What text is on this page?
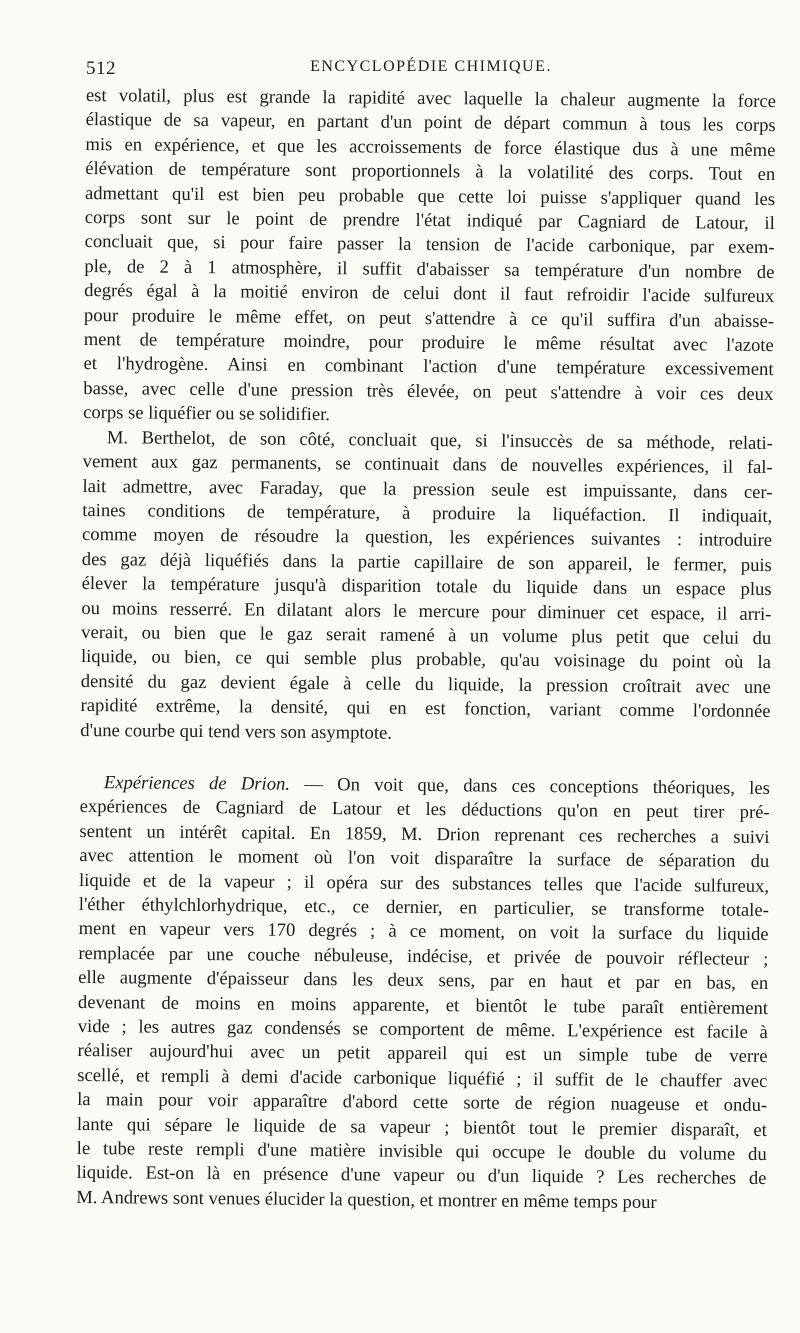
512	ENCYCLOPÉDIE CHIMIQUE.
est volatil, plus est grande la rapidité avec laquelle la chaleur augmente la force
élastique de sa vapeur, en partant d'un point de départ commun à tous les corps
mis en expérience, et que les accroissements de force élastique dus à une même
élévation de température sont proportionnels à la volatilité des corps. Tout en
admettant qu'il est bien peu probable que cette loi puisse s'appliquer quand les
corps sont sur le point de prendre l'état indiqué par Cagniard de Latour, il
concluait que, si pour faire passer la tension de l'acide carbonique, par exem-
ple, de 2 à 1 atmosphère, il suffit d'abaisser sa température d'un nombre de
degrés égal à la moitié environ de celui dont il faut refroidir l'acide sulfureux
pour produire le même effet, on peut s'attendre à ce qu'il suffira d'un abaisse-
ment de température moindre, pour produire le même résultat avec l'azote
et l'hydrogène. Ainsi en combinant l'action d'une température excessivement
basse, avec celle d'une pression très élevée, on peut s'attendre à voir ces deux
corps se liquéfier ou se solidifier.
M. Berthelot, de son côté, concluait que, si l'insuccès de sa méthode, relati-
vement aux gaz permanents, se continuait dans de nouvelles expériences, il fal-
lait admettre, avec Faraday, que la pression seule est impuissante, dans cer-
taines conditions de température, à produire la liquéfaction. Il indiquait,
comme moyen de résoudre la question, les expériences suivantes : introduire
des gaz déjà liquéfiés dans la partie capillaire de son appareil, le fermer, puis
élever la température jusqu'à disparition totale du liquide dans un espace plus
ou moins resserré. En dilatant alors le mercure pour diminuer cet espace, il arri-
verait, ou bien que le gaz serait ramené à un volume plus petit que celui du
liquide, ou bien, ce qui semble plus probable, qu'au voisinage du point où la
densité du gaz devient égale à celle du liquide, la pression croîtrait avec une
rapidité extrême, la densité, qui en est fonction, variant comme l'ordonnée
d'une courbe qui tend vers son asymptote.
Expériences de Drion. — On voit que, dans ces conceptions théoriques, les
expériences de Cagniard de Latour et les déductions qu'on en peut tirer pré-
sentent un intérêt capital. En 1859, M. Drion reprenant ces recherches a suivi
avec attention le moment où l'on voit disparaître la surface de séparation du
liquide et de la vapeur ; il opéra sur des substances telles que l'acide sulfureux,
l'éther éthylchlorhydrique, etc., ce dernier, en particulier, se transforme totale-
ment en vapeur vers 170 degrés ; à ce moment, on voit la surface du liquide
remplacée par une couche nébuleuse, indécise, et privée de pouvoir réflecteur ;
elle augmente d'épaisseur dans les deux sens, par en haut et par en bas, en
devenant de moins en moins apparente, et bientôt le tube paraît entièrement
vide ; les autres gaz condensés se comportent de même. L'expérience est facile à
réaliser aujourd'hui avec un petit appareil qui est un simple tube de verre
scellé, et rempli à demi d'acide carbonique liquéfié ; il suffit de le chauffer avec
la main pour voir apparaître d'abord cette sorte de région nuageuse et ondu-
lante qui sépare le liquide de sa vapeur ; bientôt tout le premier disparaît, et
le tube reste rempli d'une matière invisible qui occupe le double du volume du
liquide. Est-on là en présence d'une vapeur ou d'un liquide ? Les recherches de
M. Andrews sont venues élucider la question, et montrer en même temps pour
